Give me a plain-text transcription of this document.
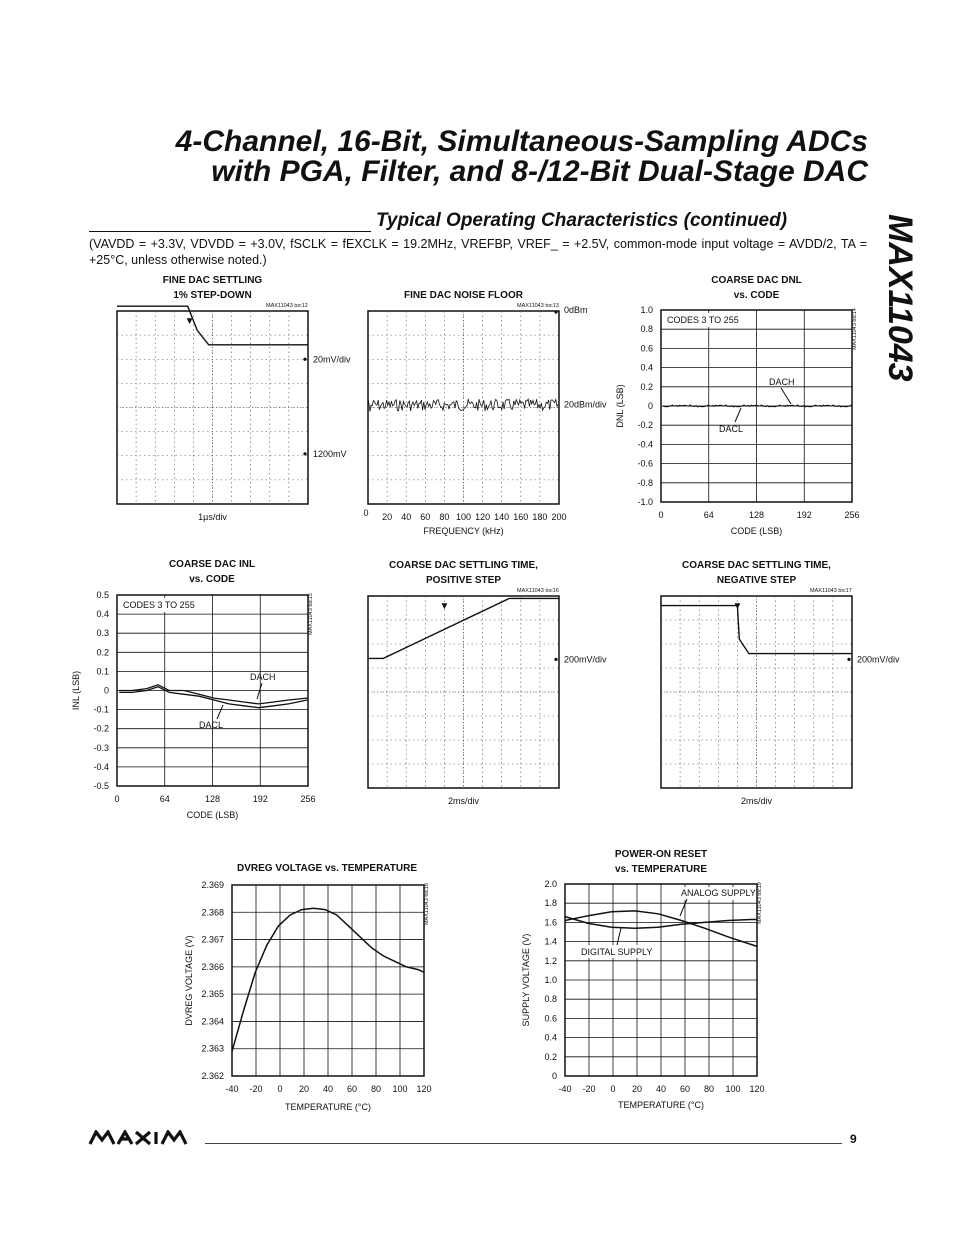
4-Channel, 16-Bit, Simultaneous-Sampling ADCs
with PGA, Filter, and 8-/12-Bit Dual-Stage DAC
MAX11043
Typical Operating Characteristics (continued)
(VAVDD = +3.3V, VDVDD = +3.0V, fSCLK = fEXCLK = 19.2MHz, VREFBP, VREF_ = +2.5V, common-mode input voltage = AVDD/2, TA = +25°C, unless otherwise noted.)
FINE DAC SETTLING
1% STEP-DOWN
MAX11043 toc12
▼
20mV/div
1200mV
1µs/div
FINE DAC NOISE FLOOR
MAX11043 toc13 0dBm
20dBm/div
0 20 40 60 80 100 120 140 160 180 200
FREQUENCY (kHz)
COARSE DAC DNL
vs. CODE
MAX11043 toc14
0	64	128	192	256
1.0
0.8
0.6
0.4
0.2
0
-0.2
-0.4
-0.6
-0.8
-1.0
CODES 3 TO 255
DACH
DACL
DNL (LSB)
CODE (LSB)
COARSE DAC INL
vs. CODE
MAX11043 toc15
0	64	128	192	256
0.5
0.4
0.3
0.2
0.1
0
-0.1
-0.2
-0.3
-0.4
-0.5
CODES 3 TO 255
DACH
DACL
INL (LSB)
CODE (LSB)
COARSE DAC SETTLING TIME,
POSITIVE STEP
MAX11043 toc16
▼
200mV/div
2ms/div
COARSE DAC SETTLING TIME,
NEGATIVE STEP
MAX11043 toc17
▼
200mV/div
2ms/div
DVREG VOLTAGE vs. TEMPERATURE
MAX11043 toc18
-40 -20 0 20 40 60 80 100 120
2.369
2.368
2.367
2.366
2.365
2.364
2.363
2.362
DVREG VOLTAGE (V)
TEMPERATURE (°C)
POWER-ON RESET
vs. TEMPERATURE
MAX11043 toc19
-40 -20 0 20 40 60 80 100 120
2.0
1.8
1.6
1.4
1.2
1.0
0.8
0.6
0.4
0.2
0
ANALOG SUPPLY
DIGITAL SUPPLY
SUPPLY VOLTAGE (V)
TEMPERATURE (°C)
9
